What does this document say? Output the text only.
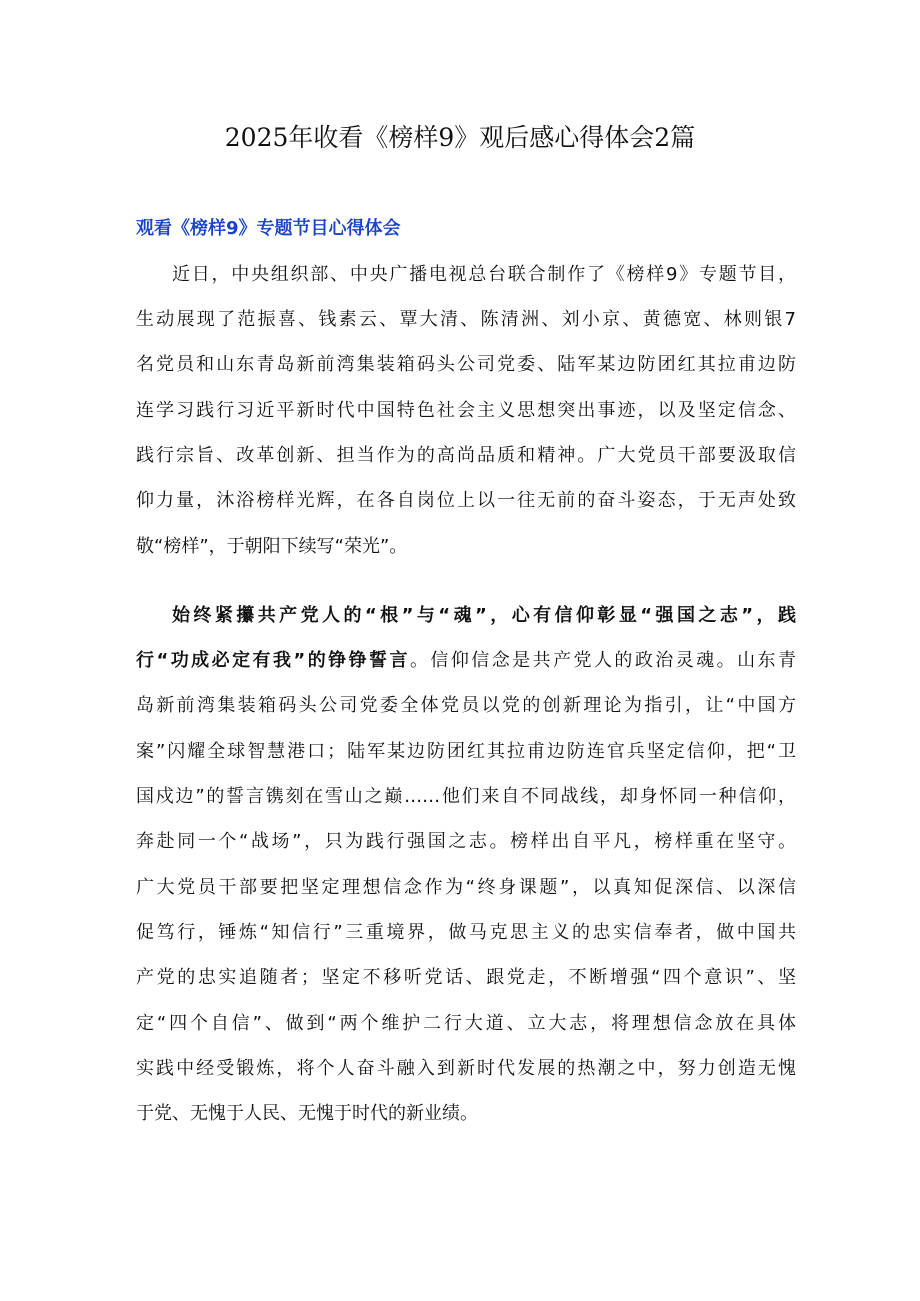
2025年收看《榜样9》观后感心得体会2篇
观看《榜样9》专题节目心得体会
近日，中央组织部、中央广播电视总台联合制作了《榜样9》专题节目，
生动展现了范振喜、钱素云、覃大清、陈清洲、刘小京、黄德宽、林则银7
名党员和山东青岛新前湾集装箱码头公司党委、陆军某边防团红其拉甫边防
连学习践行习近平新时代中国特色社会主义思想突出事迹，以及坚定信念、
践行宗旨、改革创新、担当作为的高尚品质和精神。广大党员干部要汲取信
仰力量，沐浴榜样光辉，在各自岗位上以一往无前的奋斗姿态，于无声处致
敬“榜样”，于朝阳下续写“荣光”。
始终紧攥共产党人的“根”与“魂”，心有信仰彰显“强国之志”，践
行“功成必定有我”的铮铮誓言。信仰信念是共产党人的政治灵魂。山东青
岛新前湾集装箱码头公司党委全体党员以党的创新理论为指引，让“中国方
案”闪耀全球智慧港口；陆军某边防团红其拉甫边防连官兵坚定信仰，把“卫
国戍边”的誓言镌刻在雪山之巅……他们来自不同战线，却身怀同一种信仰，
奔赴同一个“战场”，只为践行强国之志。榜样出自平凡，榜样重在坚守。
广大党员干部要把坚定理想信念作为“终身课题”，以真知促深信、以深信
促笃行，锤炼“知信行”三重境界，做马克思主义的忠实信奉者，做中国共
产党的忠实追随者；坚定不移听党话、跟党走，不断增强“四个意识”、坚
定“四个自信”、做到“两个维护二行大道、立大志，将理想信念放在具体
实践中经受锻炼，将个人奋斗融入到新时代发展的热潮之中，努力创造无愧
于党、无愧于人民、无愧于时代的新业绩。
